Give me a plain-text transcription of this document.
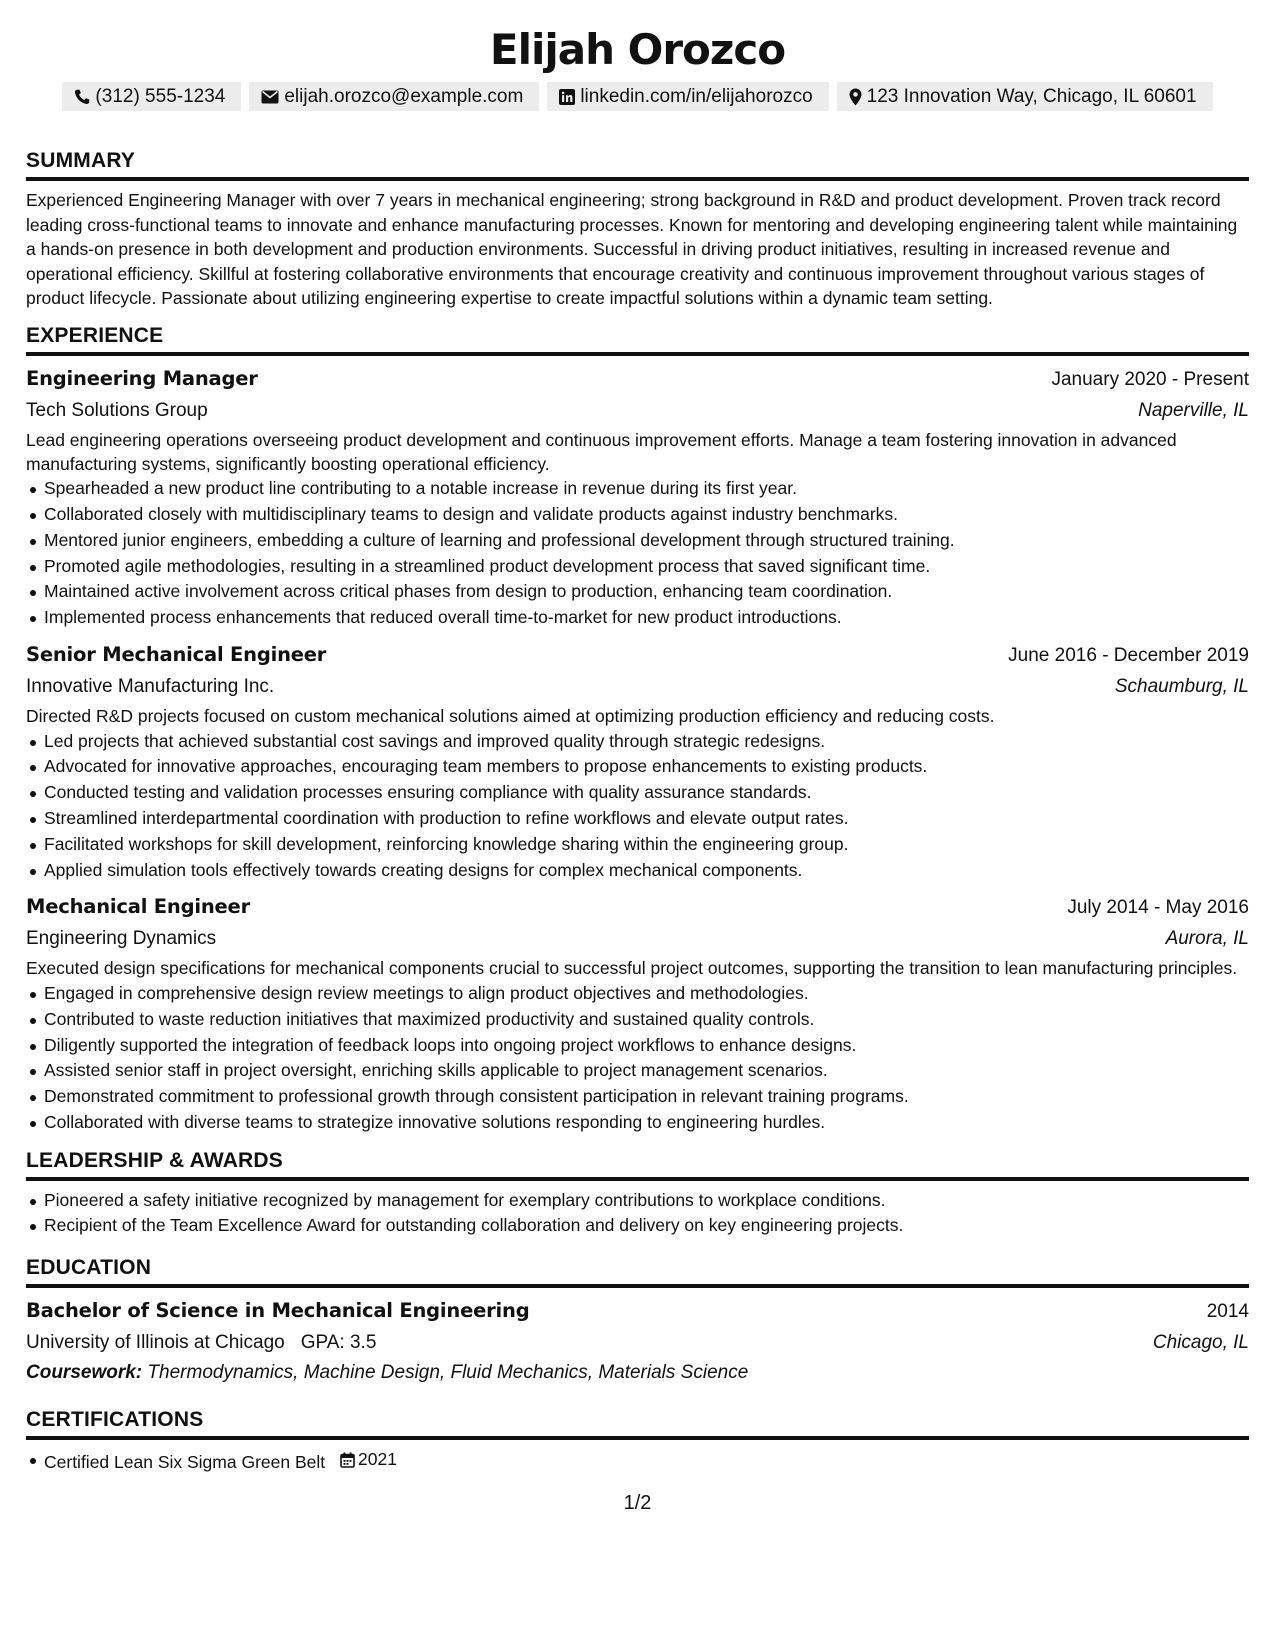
Elijah Orozco
(312) 555-1234	elijah.orozco@example.com	linkedin.com/in/elijahorozco	123 Innovation Way, Chicago, IL 60601
SUMMARY
Experienced Engineering Manager with over 7 years in mechanical engineering; strong background in R&D and product development. Proven track record leading cross-functional teams to innovate and enhance manufacturing processes. Known for mentoring and developing engineering talent while maintaining a hands-on presence in both development and production environments. Successful in driving product initiatives, resulting in increased revenue and operational efficiency. Skillful at fostering collaborative environments that encourage creativity and continuous improvement throughout various stages of product lifecycle. Passionate about utilizing engineering expertise to create impactful solutions within a dynamic team setting.
EXPERIENCE
Engineering Manager	January 2020 - Present
Tech Solutions Group	Naperville, IL
Lead engineering operations overseeing product development and continuous improvement efforts. Manage a team fostering innovation in advanced manufacturing systems, significantly boosting operational efficiency.
Spearheaded a new product line contributing to a notable increase in revenue during its first year.
Collaborated closely with multidisciplinary teams to design and validate products against industry benchmarks.
Mentored junior engineers, embedding a culture of learning and professional development through structured training.
Promoted agile methodologies, resulting in a streamlined product development process that saved significant time.
Maintained active involvement across critical phases from design to production, enhancing team coordination.
Implemented process enhancements that reduced overall time-to-market for new product introductions.
Senior Mechanical Engineer	June 2016 - December 2019
Innovative Manufacturing Inc.	Schaumburg, IL
Directed R&D projects focused on custom mechanical solutions aimed at optimizing production efficiency and reducing costs.
Led projects that achieved substantial cost savings and improved quality through strategic redesigns.
Advocated for innovative approaches, encouraging team members to propose enhancements to existing products.
Conducted testing and validation processes ensuring compliance with quality assurance standards.
Streamlined interdepartmental coordination with production to refine workflows and elevate output rates.
Facilitated workshops for skill development, reinforcing knowledge sharing within the engineering group.
Applied simulation tools effectively towards creating designs for complex mechanical components.
Mechanical Engineer	July 2014 - May 2016
Engineering Dynamics	Aurora, IL
Executed design specifications for mechanical components crucial to successful project outcomes, supporting the transition to lean manufacturing principles.
Engaged in comprehensive design review meetings to align product objectives and methodologies.
Contributed to waste reduction initiatives that maximized productivity and sustained quality controls.
Diligently supported the integration of feedback loops into ongoing project workflows to enhance designs.
Assisted senior staff in project oversight, enriching skills applicable to project management scenarios.
Demonstrated commitment to professional growth through consistent participation in relevant training programs.
Collaborated with diverse teams to strategize innovative solutions responding to engineering hurdles.
LEADERSHIP & AWARDS
Pioneered a safety initiative recognized by management for exemplary contributions to workplace conditions.
Recipient of the Team Excellence Award for outstanding collaboration and delivery on key engineering projects.
EDUCATION
Bachelor of Science in Mechanical Engineering	2014
University of Illinois at Chicago GPA: 3.5	Chicago, IL
Coursework: Thermodynamics, Machine Design, Fluid Mechanics, Materials Science
CERTIFICATIONS
Certified Lean Six Sigma Green Belt 2021
1/2
